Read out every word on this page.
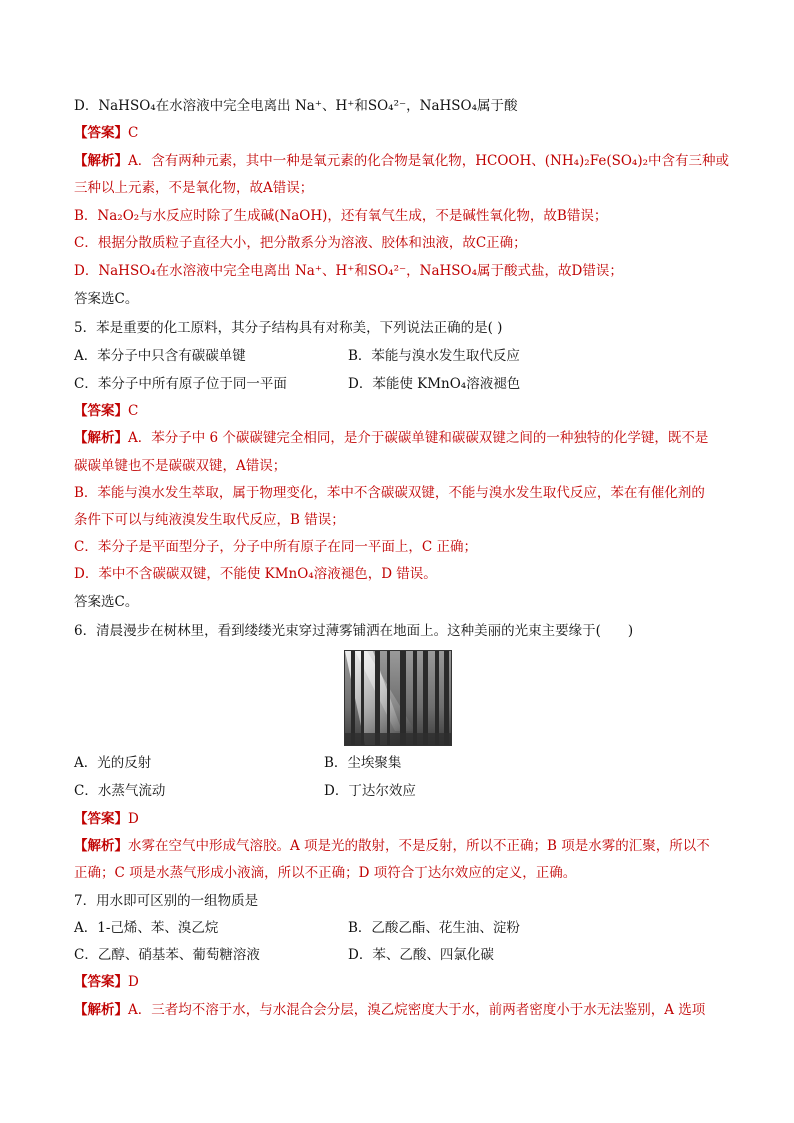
D．NaHSO₄在水溶液中完全电离出 Na⁺、H⁺和SO₄²⁻，NaHSO₄属于酸
【答案】C
【解析】A．含有两种元素，其中一种是氧元素的化合物是氧化物，HCOOH、(NH₄)₂Fe(SO₄)₂中含有三种或
三种以上元素，不是氧化物，故A错误；
B．Na₂O₂与水反应时除了生成碱(NaOH)，还有氧气生成，不是碱性氧化物，故B错误；
C．根据分散质粒子直径大小，把分散系分为溶液、胶体和浊液，故C正确；
D．NaHSO₄在水溶液中完全电离出 Na⁺、H⁺和SO₄²⁻，NaHSO₄属于酸式盐，故D错误；
答案选C。
5．苯是重要的化工原料，其分子结构具有对称美，下列说法正确的是( )
A．苯分子中只含有碳碳单键	B．苯能与溴水发生取代反应
C．苯分子中所有原子位于同一平面	D．苯能使 KMnO₄溶液褪色
【答案】C
【解析】A．苯分子中 6 个碳碳键完全相同，是介于碳碳单键和碳碳双键之间的一种独特的化学键，既不是
碳碳单键也不是碳碳双键，A错误；
B．苯能与溴水发生萃取，属于物理变化，苯中不含碳碳双键，不能与溴水发生取代反应，苯在有催化剂的
条件下可以与纯液溴发生取代反应，B 错误；
C．苯分子是平面型分子，分子中所有原子在同一平面上，C 正确；
D．苯中不含碳碳双键，不能使 KMnO₄溶液褪色，D 错误。
答案选C。
6．清晨漫步在树林里，看到缕缕光束穿过薄雾铺洒在地面上。这种美丽的光束主要缘于(　　)
A．光的反射	B．尘埃聚集
C．水蒸气流动	D．丁达尔效应
【答案】D
【解析】水雾在空气中形成气溶胶。A 项是光的散射，不是反射，所以不正确；B 项是水雾的汇聚，所以不
正确；C 项是水蒸气形成小液滴，所以不正确；D 项符合丁达尔效应的定义，正确。
7．用水即可区别的一组物质是
A．1-己烯、苯、溴乙烷	B．乙酸乙酯、花生油、淀粉
C．乙醇、硝基苯、葡萄糖溶液	D．苯、乙酸、四氯化碳
【答案】D
【解析】A．三者均不溶于水，与水混合会分层，溴乙烷密度大于水，前两者密度小于水无法鉴别，A 选项
